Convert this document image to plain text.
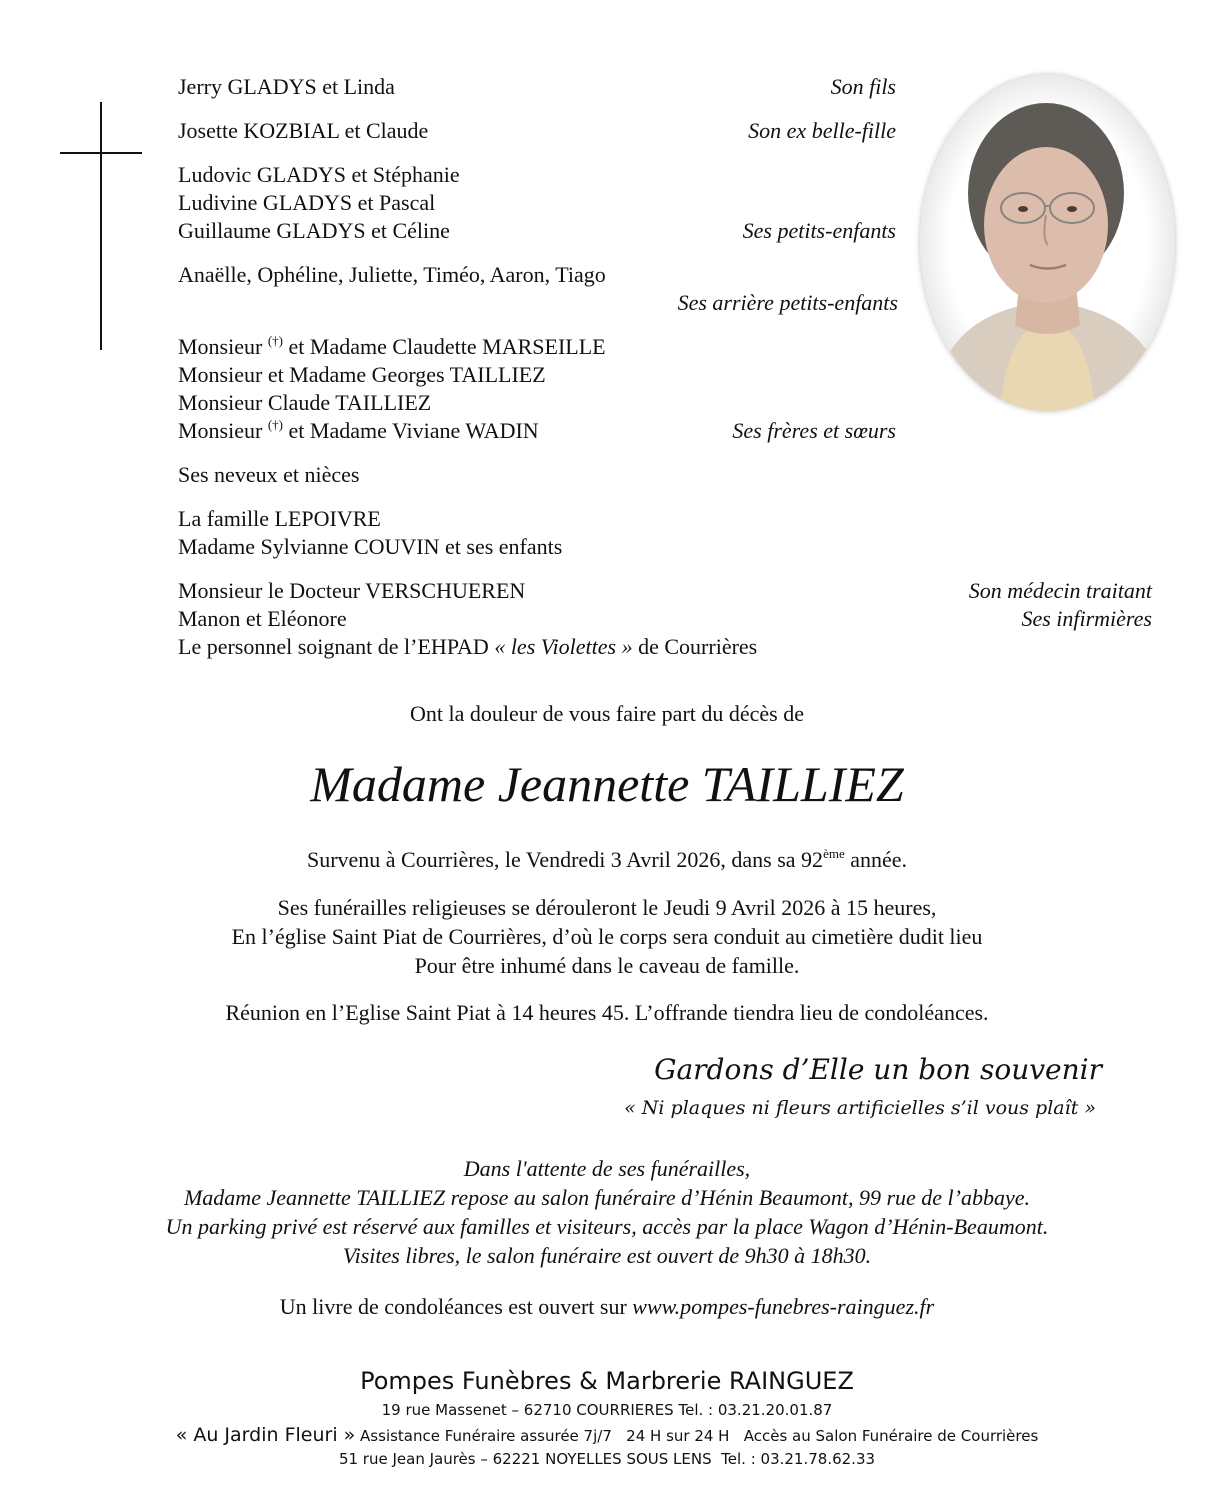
Jerry GLADYS et Linda	Son fils
Josette KOZBIAL et Claude	Son ex belle-fille
Ludovic GLADYS et Stéphanie
Ludivine GLADYS et Pascal
Guillaume GLADYS et Céline	Ses petits-enfants
Anaëlle, Ophéline, Juliette, Timéo, Aaron, Tiago
Ses arrière petits-enfants
Monsieur (†) et Madame Claudette MARSEILLE
Monsieur et Madame Georges TAILLIEZ
Monsieur Claude TAILLIEZ
Monsieur (†) et Madame Viviane WADIN	Ses frères et sœurs
Ses neveux et nièces
La famille LEPOIVRE
Madame Sylvianne COUVIN et ses enfants
Monsieur le Docteur VERSCHUEREN	Son médecin traitant
Manon et Eléonore	Ses infirmières
Le personnel soignant de l’EHPAD « les Violettes » de Courrières
Ont la douleur de vous faire part du décès de
Madame Jeannette TAILLIEZ
Survenu à Courrières, le Vendredi 3 Avril 2026, dans sa 92ème année.
Ses funérailles religieuses se dérouleront le Jeudi 9 Avril 2026 à 15 heures,
En l’église Saint Piat de Courrières, d’où le corps sera conduit au cimetière dudit lieu
Pour être inhumé dans le caveau de famille.
Réunion en l’Eglise Saint Piat à 14 heures 45. L’offrande tiendra lieu de condoléances.
Gardons d’Elle un bon souvenir
« Ni plaques ni fleurs artificielles s’il vous plaît »
Dans l'attente de ses funérailles,
Madame Jeannette TAILLIEZ repose au salon funéraire d’Hénin Beaumont, 99 rue de l’abbaye.
Un parking privé est réservé aux familles et visiteurs, accès par la place Wagon d’Hénin-Beaumont.
Visites libres, le salon funéraire est ouvert de 9h30 à 18h30.
Un livre de condoléances est ouvert sur www.pompes-funebres-rainguez.fr
Pompes Funèbres & Marbrerie RAINGUEZ
19 rue Massenet – 62710 COURRIERES Tel. : 03.21.20.01.87
« Au Jardin Fleuri » Assistance Funéraire assurée 7j/7   24 H sur 24 H   Accès au Salon Funéraire de Courrières
51 rue Jean Jaurès – 62221 NOYELLES SOUS LENS  Tel. : 03.21.78.62.33
